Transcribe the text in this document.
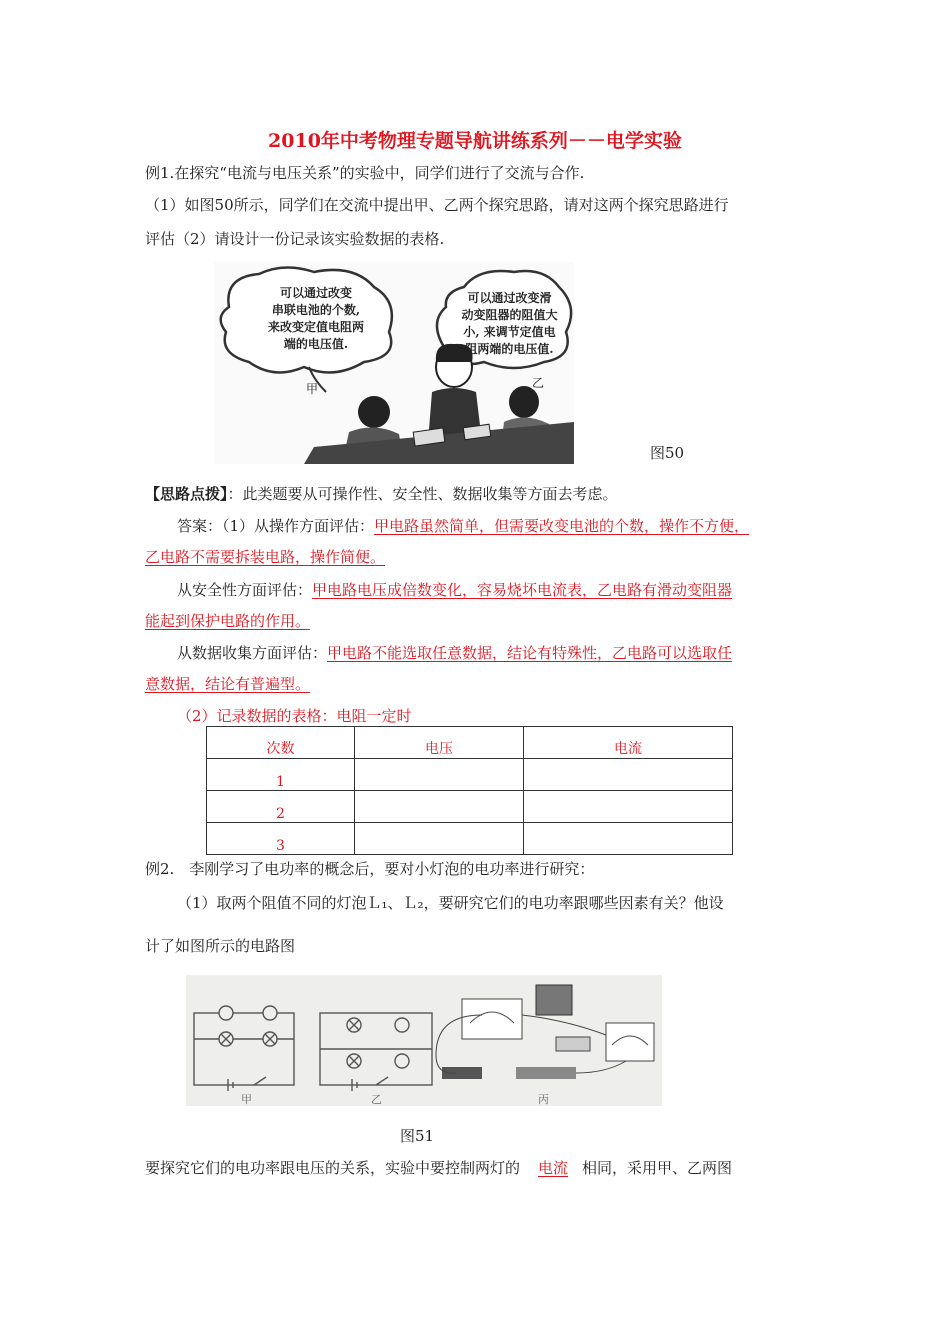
2010年中考物理专题导航讲练系列－－电学实验
例1.在探究“电流与电压关系”的实验中，同学们进行了交流与合作.
（1）如图50所示，同学们在交流中提出甲、乙两个探究思路，请对这两个探究思路进行
评估（2）请设计一份记录该实验数据的表格.
可以通过改变
串联电池的个数,
来改变定值电阻两
端的电压值.
可以通过改变滑
动变阻器的阻值大
小, 来调节定值电
阻两端的电压值.
甲	乙
图50
【思路点拨】：此类题要从可操作性、安全性、数据收集等方面去考虑。
答案：（1）从操作方面评估：甲电路虽然简单，但需要改变电池的个数，操作不方便，
乙电路不需要拆装电路，操作简便。
从安全性方面评估：甲电路电压成倍数变化，容易烧坏电流表，乙电路有滑动变阻器
能起到保护电路的作用。
从数据收集方面评估：甲电路不能选取任意数据，结论有特殊性，乙电路可以选取任
意数据，结论有普遍型。
（2）记录数据的表格：电阻一定时
次数	电压	电流
1		
2		
3		
例2.　李刚学习了电功率的概念后，要对小灯泡的电功率进行研究：
（1）取两个阻值不同的灯泡Ｌ₁、Ｌ₂，要研究它们的电功率跟哪些因素有关？他设
计了如图所示的电路图
甲	乙	丙
图51
要探究它们的电功率跟电压的关系，实验中要控制两灯的 电流 相同，采用甲、乙两图
